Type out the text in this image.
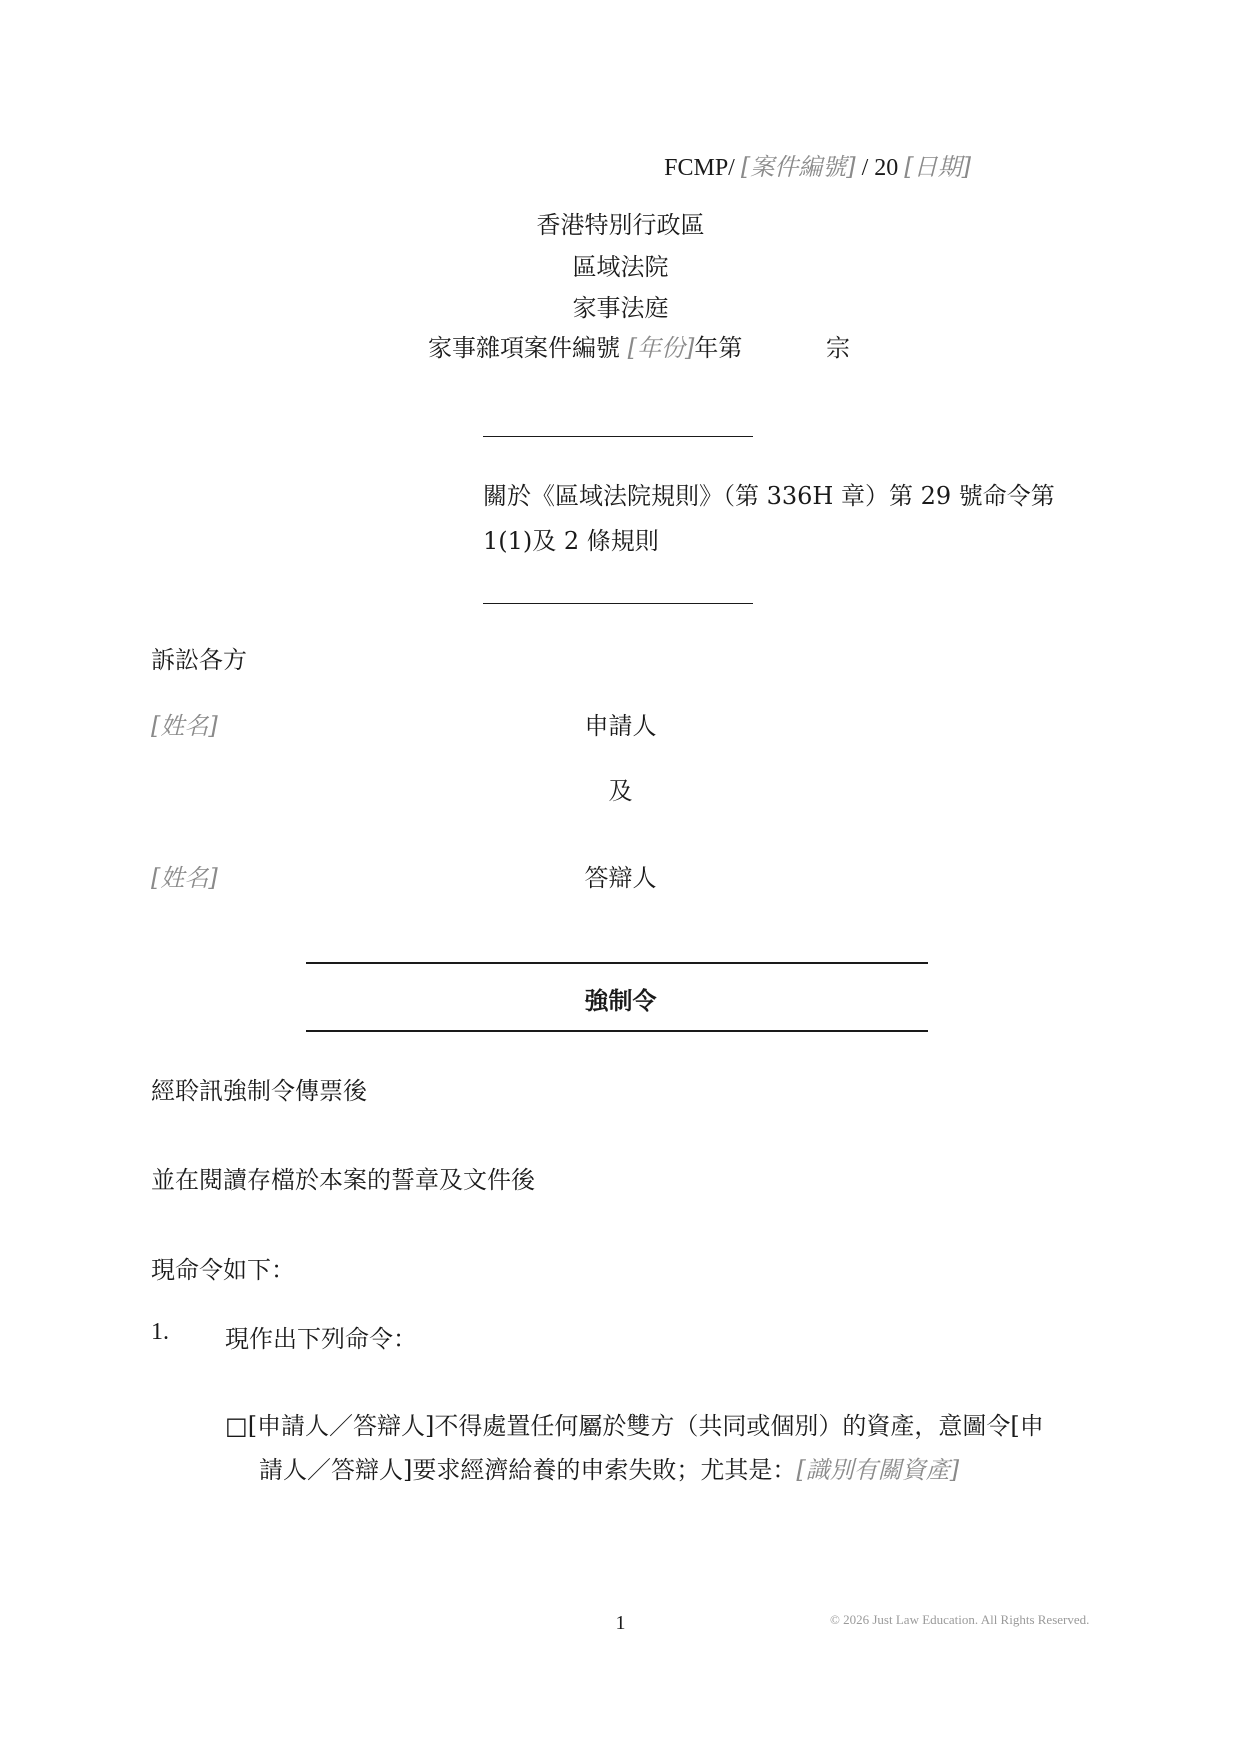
FCMP/ [案件編號] / 20 [日期]
香港特別行政區
區域法院
家事法庭
家事雜項案件編號 [年份]年第	宗
關於《區域法院規則》（第 336H 章）第 29 號命令第
1(1)及 2 條規則
訴訟各方
[姓名]	申請人
及
[姓名]	答辯人
強制令
經聆訊強制令傳票後
並在閱讀存檔於本案的誓章及文件後
現命令如下：
1. 現作出下列命令：
□[申請人／答辯人]不得處置任何屬於雙方（共同或個別）的資產，意圖令[申
請人／答辯人]要求經濟給養的申索失敗；尤其是：[識別有關資產]
1	© 2026 Just Law Education. All Rights Reserved.
